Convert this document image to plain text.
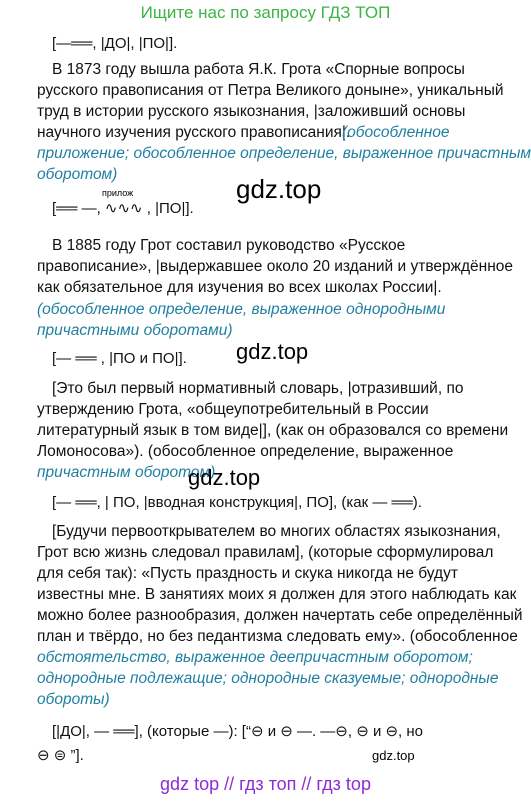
Ищите нас по запросу ГДЗ ТОП
[—══, |ДО|, |ПО|].
В 1873 году вышла работа Я.К. Грота «Спорные вопросы
русского правописания от Петра Великого доныне», уникальный
труд в истории русского языкознания, |заложивший основы
научного изучения русского правописания|.
(обособленное
приложение; обособленное определение, выраженное причастным
оборотом)
прилож
[══ —, ∿∿∿ , |ПО|].
gdz.top
В 1885 году Грот составил руководство «Русское
правописание», |выдержавшее около 20 изданий и утверждённое
как обязательное для изучения во всех школах России|.
(обособленное определение, выраженное однородными
причастными оборотами)
[— ══ , |ПО и ПО|]. gdz.top
[Это был первый нормативный словарь, |отразивший, по
утверждению Грота, «общеупотребительный в России
литературный язык в том виде|], (как он образовался со времени
Ломоносова»). (обособленное определение, выраженное
причастным оборотом)
gdz.top
[— ══, | ПО, |вводная конструкция|, ПО], (как — ══).
[Будучи первооткрывателем во многих областях языкознания,
Грот всю жизнь следовал правилам], (которые сформулировал
для себя так): «Пусть праздность и скука никогда не будут
известны мне. В занятиях моих я должен для этого наблюдать как
можно более разнообразия, должен начертать себе определённый
план и твёрдо, но без педантизма следовать ему». (обособленное
обстоятельство, выраженное деепричастным оборотом;
однородные подлежащие; однородные сказуемые; однородные
обороты)
[|ДО|, — ══], (которые —): [“⊖ и ⊖ —. —⊖, ⊖ и ⊖, но
⊖ ⊜ ”].	gdz.top
gdz top // гдз топ // гдз top
